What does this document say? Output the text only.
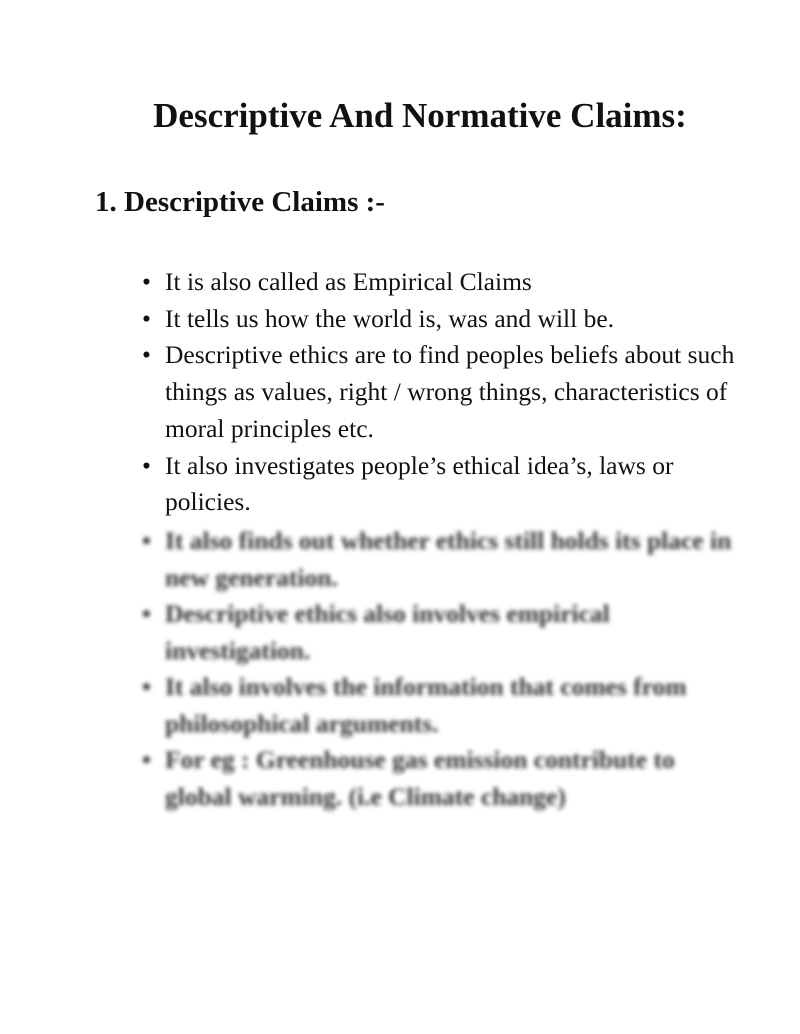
Descriptive And Normative Claims:
1. Descriptive Claims :-
• It is also called as Empirical Claims
• It tells us how the world is, was and will be.
• Descriptive ethics are to find peoples beliefs about such things as values, right / wrong things, characteristics of moral principles etc.
• It also investigates people’s ethical idea’s, laws or policies.
• It also finds out whether ethics still holds its place in new generation.
• Descriptive ethics also involves empirical investigation.
• It also involves the information that comes from philosophical arguments.
• For eg : Greenhouse gas emission contribute to global warming. (i.e Climate change)
